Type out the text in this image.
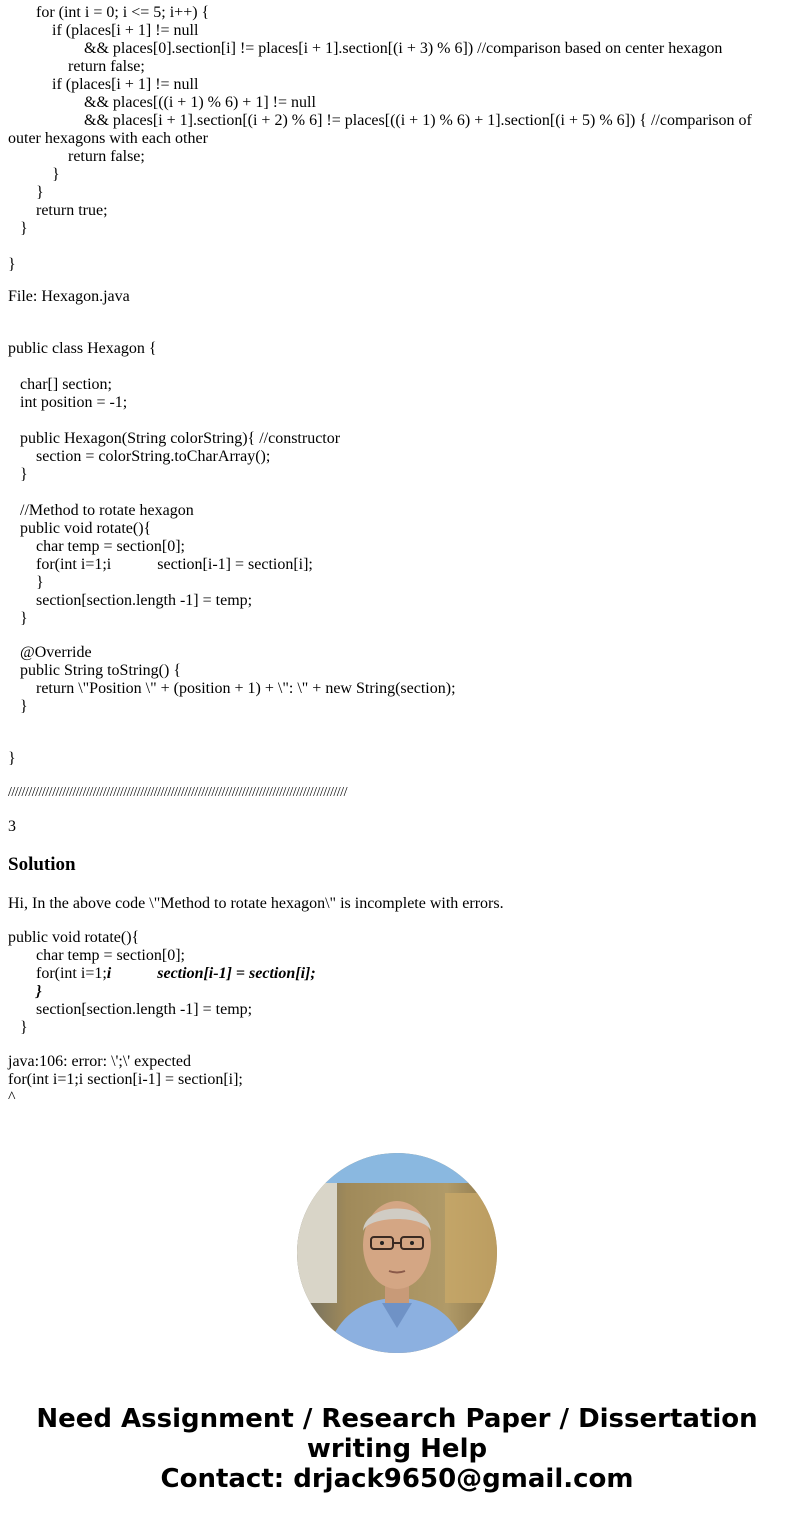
for (int i = 0; i <= 5; i++) {
if (places[i + 1] != null
&& places[0].section[i] != places[i + 1].section[(i + 3) % 6]) //comparison based on center hexagon
return false;
if (places[i + 1] != null
&& places[((i + 1) % 6) + 1] != null
&& places[i + 1].section[(i + 2) % 6] != places[((i + 1) % 6) + 1].section[(i + 5) % 6]) { //comparison of
outer hexagons with each other
return false;
}
}
return true;
}
}
File: Hexagon.java
public class Hexagon {
char[] section;
int position = -1;
public Hexagon(String colorString){ //constructor
section = colorString.toCharArray();
}
//Method to rotate hexagon
public void rotate(){
char temp = section[0];
for(int i=1;i	section[i-1] = section[i];
}
section[section.length -1] = temp;
}
@Override
public String toString() {
return \"Position \" + (position + 1) + \": \" + new String(section);
}
}
////////////////////////////////////////////////////////////////////////////////////////////////////
3
Solution
Hi, In the above code \"Method to rotate hexagon\" is incomplete with errors.
public void rotate(){
char temp = section[0];
for(int i=1;i	section[i-1] = section[i];
}
section[section.length -1] = temp;
}
java:106: error: \';\' expected
for(int i=1;i section[i-1] = section[i];
^
Need Assignment / Research Paper / Dissertation
writing Help
Contact: drjack9650@gmail.com
